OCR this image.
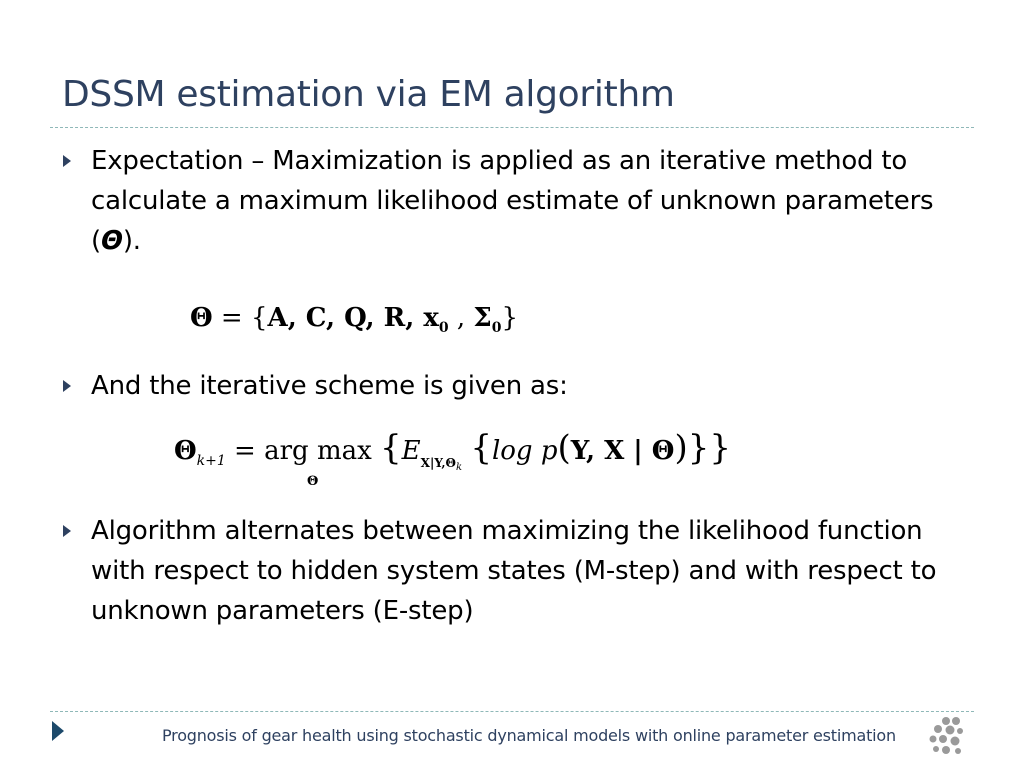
DSSM estimation via EM algorithm
Expectation – Maximization is applied as an iterative method to calculate a maximum likelihood estimate of unknown parameters (Θ).
Θ = {A, C, Q, R, $x_0$ , $\Sigma_0$}
And the iterative scheme is given as:
$\Theta_{k+1}$ = arg $\max \{E_{X|Y,\Theta k}$ {log p(Y, X | Θ)}}
Θ
Algorithm alternates between maximizing the likelihood function with respect to hidden system states (M-step) and with respect to unknown parameters (E-step)
Prognosis of gear health using stochastic dynamical models with online parameter estimation
